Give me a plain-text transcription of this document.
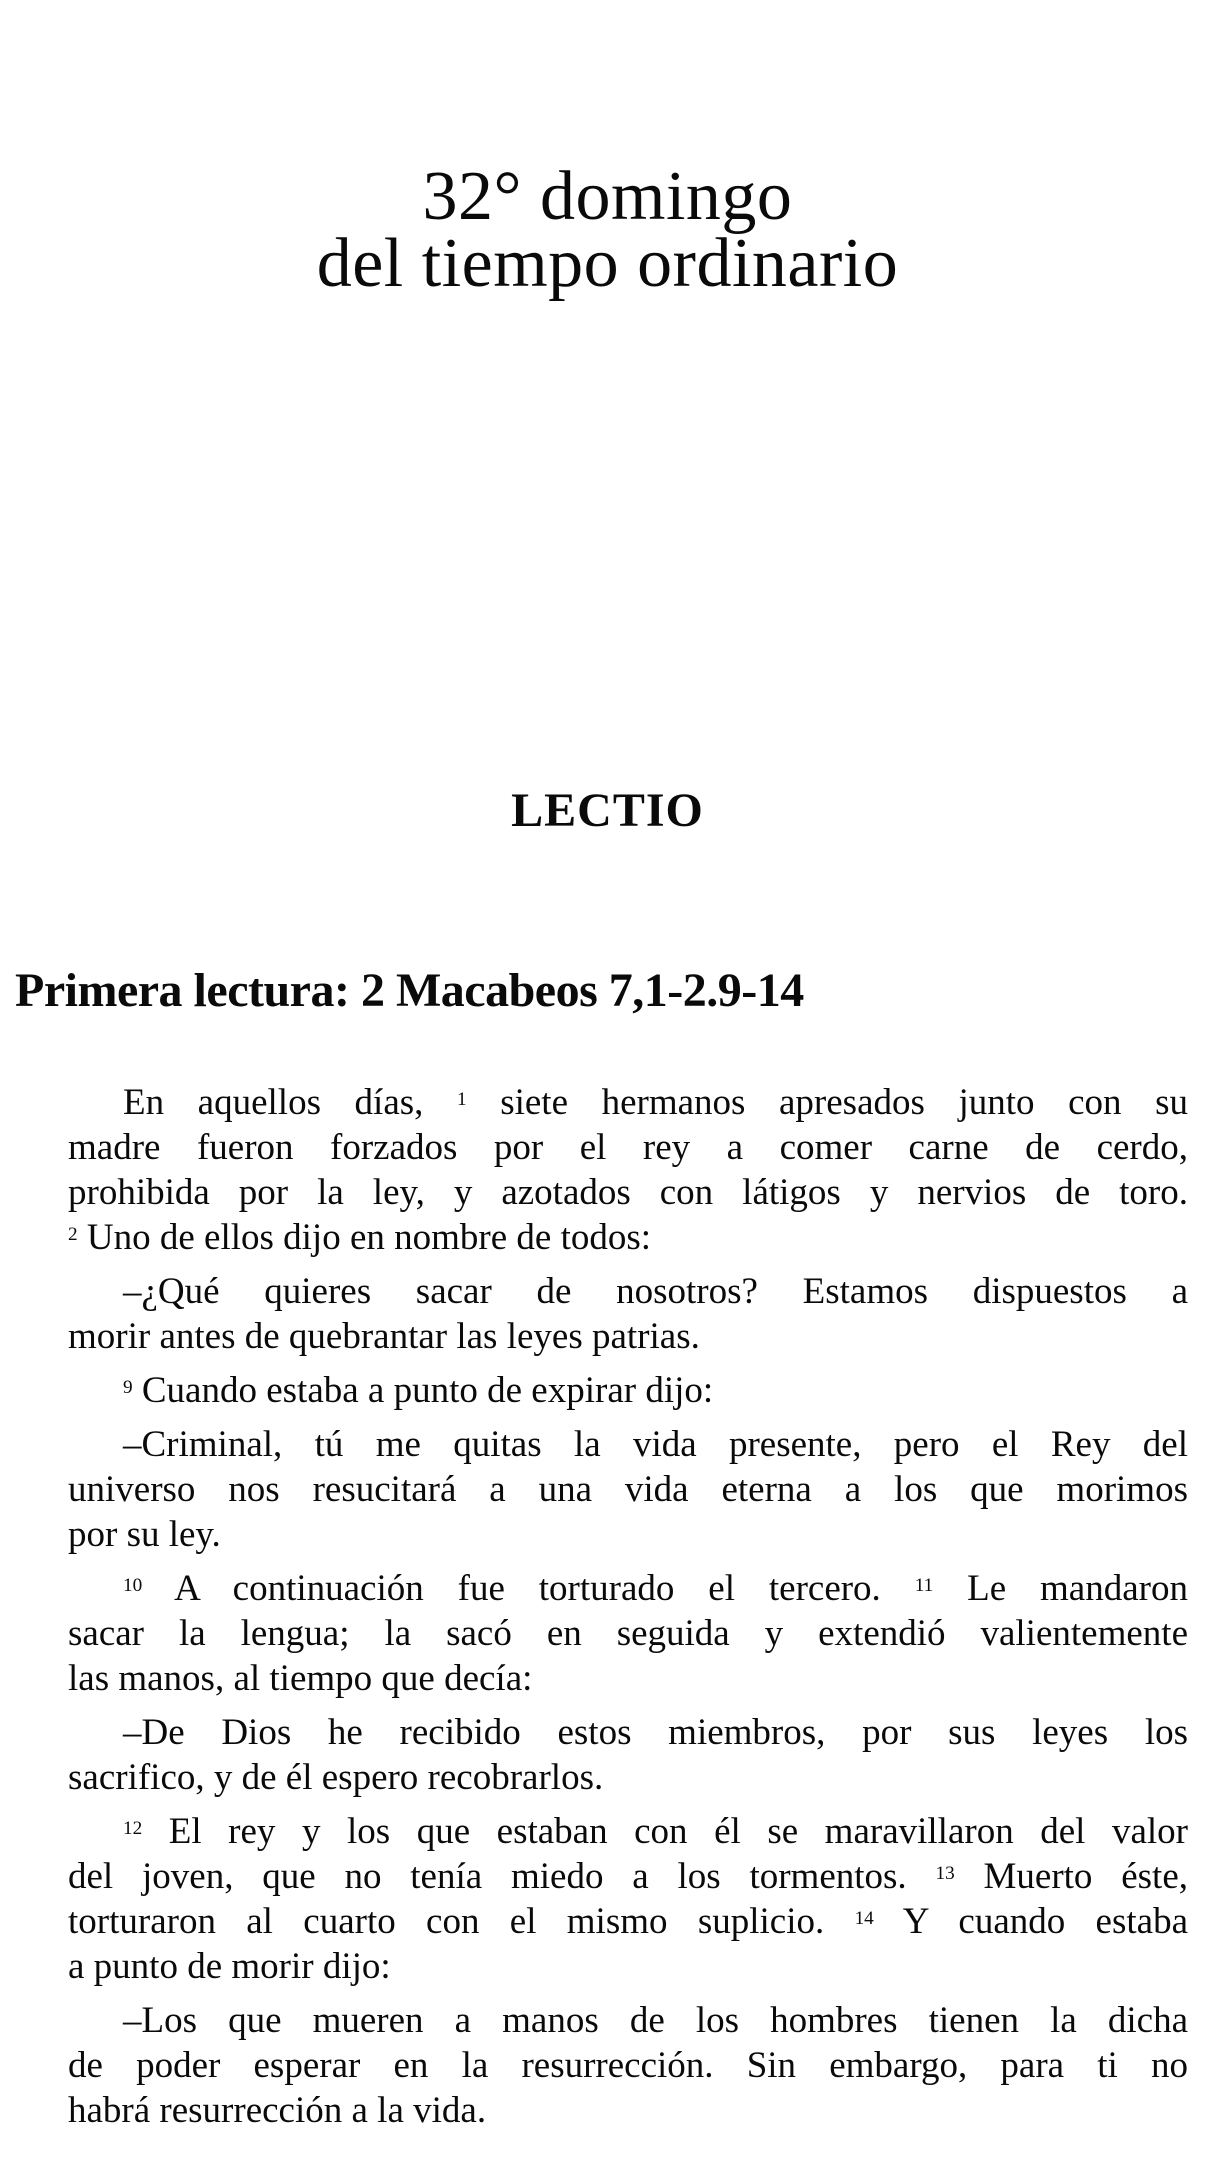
32° domingo
del tiempo ordinario
LECTIO
Primera lectura: 2 Macabeos 7,1-2.9-14
En aquellos días, $^1$ siete hermanos apresados junto con su
madre fueron forzados por el rey a comer carne de cerdo,
prohibida por la ley, y azotados con látigos y nervios de toro.
$^2$ Uno de ellos dijo en nombre de todos:
–¿Qué quieres sacar de nosotros? Estamos dispuestos a
morir antes de quebrantar las leyes patrias.
$^9$ Cuando estaba a punto de expirar dijo:
–Criminal, tú me quitas la vida presente, pero el Rey del
universo nos resucitará a una vida eterna a los que morimos
por su ley.
$^{10}$ A continuación fue torturado el tercero. $^{11}$ Le mandaron
sacar la lengua; la sacó en seguida y extendió valientemente
las manos, al tiempo que decía:
–De Dios he recibido estos miembros, por sus leyes los
sacrifico, y de él espero recobrarlos.
$^{12}$ El rey y los que estaban con él se maravillaron del valor
del joven, que no tenía miedo a los tormentos. $^{13}$ Muerto éste,
torturaron al cuarto con el mismo suplicio. $^{14}$ Y cuando estaba
a punto de morir dijo:
–Los que mueren a manos de los hombres tienen la dicha
de poder esperar en la resurrección. Sin embargo, para ti no
habrá resurrección a la vida.
